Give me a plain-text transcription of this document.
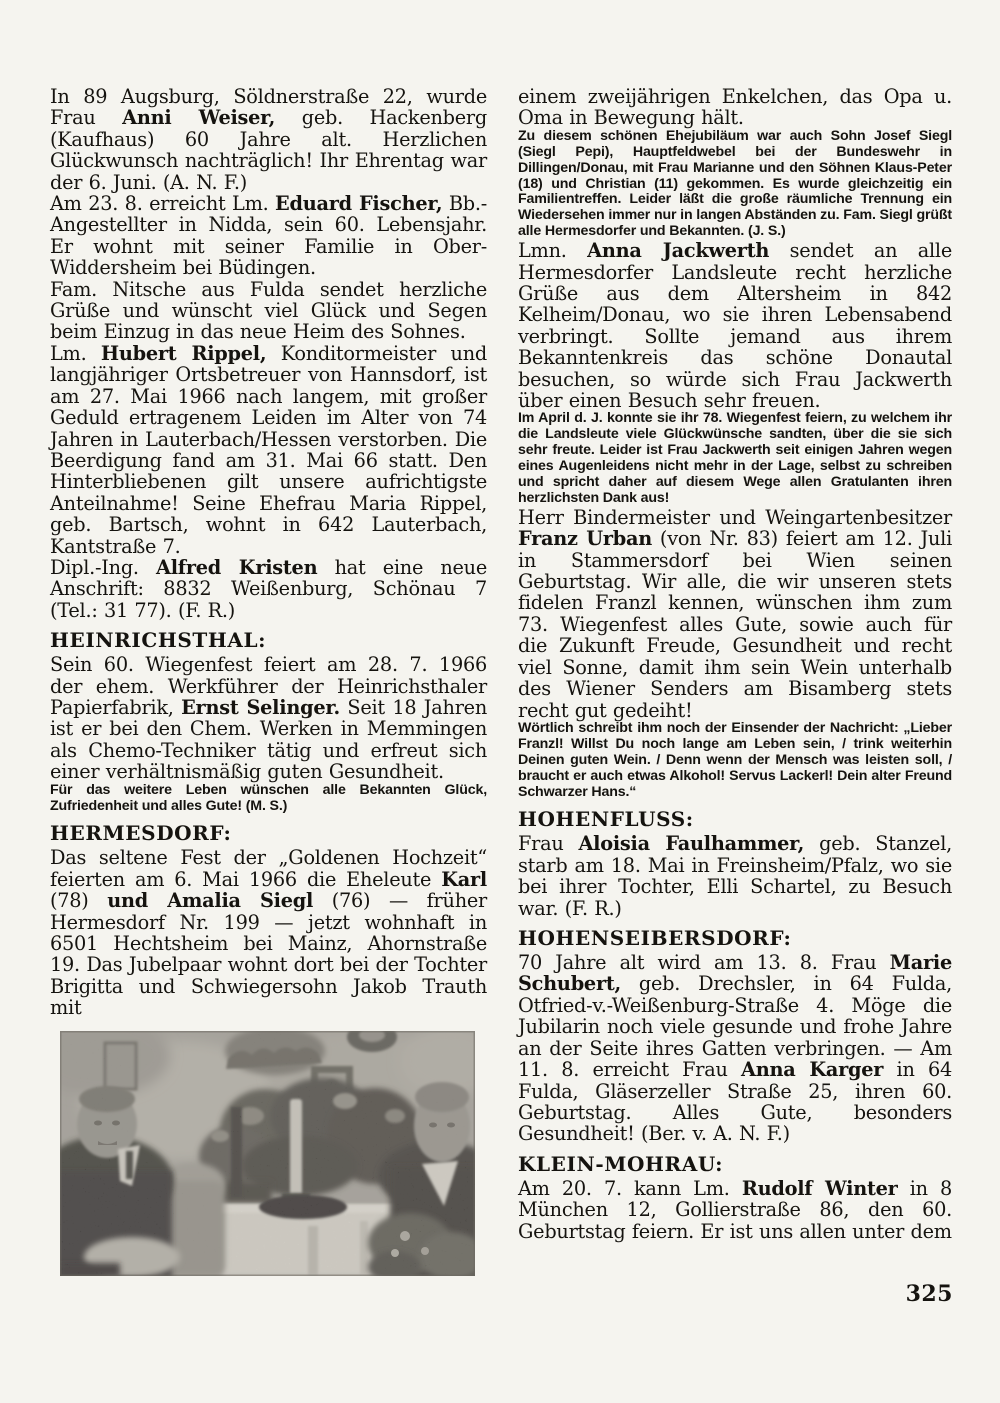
In 89 Augsburg, Söldnerstraße 22, wurde Frau Anni Weiser, geb. Hackenberg (Kaufhaus) 60 Jahre alt. Herzlichen Glückwunsch nachträglich! Ihr Ehrentag war der 6. Juni. (A. N. F.)

Am 23. 8. erreicht Lm. Eduard Fischer, Bb.-Angestellter in Nidda, sein 60. Lebensjahr. Er wohnt mit seiner Familie in Ober-Widdersheim bei Büdingen.

Fam. Nitsche aus Fulda sendet herzliche Grüße und wünscht viel Glück und Segen beim Einzug in das neue Heim des Sohnes.

Lm. Hubert Rippel, Konditormeister und langjähriger Ortsbetreuer von Hannsdorf, ist am 27. Mai 1966 nach langem, mit großer Geduld ertragenem Leiden im Alter von 74 Jahren in Lauterbach/Hessen verstorben. Die Beerdigung fand am 31. Mai 66 statt. Den Hinterbliebenen gilt unsere aufrichtigste Anteilnahme! Seine Ehefrau Maria Rippel, geb. Bartsch, wohnt in 642 Lauterbach, Kantstraße 7.

Dipl.-Ing. Alfred Kristen hat eine neue Anschrift: 8832 Weißenburg, Schönau 7 (Tel.: 31 77). (F. R.)

HEINRICHSTHAL:

Sein 60. Wiegenfest feiert am 28. 7. 1966 der ehem. Werkführer der Heinrichsthaler Papierfabrik, Ernst Selinger. Seit 18 Jahren ist er bei den Chem. Werken in Memmingen als Chemo-Techniker tätig und erfreut sich einer verhältnismäßig guten Gesundheit.

Für das weitere Leben wünschen alle Bekannten Glück, Zufriedenheit und alles Gute! (M. S.)

HERMESDORF:

Das seltene Fest der „Goldenen Hochzeit“ feierten am 6. Mai 1966 die Eheleute Karl (78) und Amalia Siegl (76) — früher Hermesdorf Nr. 199 — jetzt wohnhaft in 6501 Hechtsheim bei Mainz, Ahornstraße 19. Das Jubelpaar wohnt dort bei der Tochter Brigitta und Schwiegersohn Jakob Trauth mit

einem zweijährigen Enkelchen, das Opa u. Oma in Bewegung hält.

Zu diesem schönen Ehejubiläum war auch Sohn Josef Siegl (Siegl Pepi), Hauptfeldwebel bei der Bundeswehr in Dillingen/Donau, mit Frau Marianne und den Söhnen Klaus-Peter (18) und Christian (11) gekommen. Es wurde gleichzeitig ein Familientreffen. Leider läßt die große räumliche Trennung ein Wiedersehen immer nur in langen Abständen zu. Fam. Siegl grüßt alle Hermesdorfer und Bekannten. (J. S.)

Lmn. Anna Jackwerth sendet an alle Hermesdorfer Landsleute recht herzliche Grüße aus dem Altersheim in 842 Kelheim/Donau, wo sie ihren Lebensabend verbringt. Sollte jemand aus ihrem Bekanntenkreis das schöne Donautal besuchen, so würde sich Frau Jackwerth über einen Besuch sehr freuen.

Im April d. J. konnte sie ihr 78. Wiegenfest feiern, zu welchem ihr die Landsleute viele Glückwünsche sandten, über die sie sich sehr freute. Leider ist Frau Jackwerth seit einigen Jahren wegen eines Augenleidens nicht mehr in der Lage, selbst zu schreiben und spricht daher auf diesem Wege allen Gratulanten ihren herzlichsten Dank aus!

Herr Bindermeister und Weingartenbesitzer Franz Urban (von Nr. 83) feiert am 12. Juli in Stammersdorf bei Wien seinen Geburtstag. Wir alle, die wir unseren stets fidelen Franzl kennen, wünschen ihm zum 73. Wiegenfest alles Gute, sowie auch für die Zukunft Freude, Gesundheit und recht viel Sonne, damit ihm sein Wein unterhalb des Wiener Senders am Bisamberg stets recht gut gedeiht!

Wörtlich schreibt ihm noch der Einsender der Nachricht: „Lieber Franzl! Willst Du noch lange am Leben sein, / trink weiterhin Deinen guten Wein. / Denn wenn der Mensch was leisten soll, / braucht er auch etwas Alkohol! Servus Lackerl! Dein alter Freund Schwarzer Hans.“

HOHENFLUSS:

Frau Aloisia Faulhammer, geb. Stanzel, starb am 18. Mai in Freinsheim/Pfalz, wo sie bei ihrer Tochter, Elli Schartel, zu Besuch war. (F. R.)

HOHENSEIBERSDORF:

70 Jahre alt wird am 13. 8. Frau Marie Schubert, geb. Drechsler, in 64 Fulda, Otfried-v.-Weißenburg-Straße 4. Möge die Jubilarin noch viele gesunde und frohe Jahre an der Seite ihres Gatten verbringen. — Am 11. 8. erreicht Frau Anna Karger in 64 Fulda, Gläserzeller Straße 25, ihren 60. Geburtstag. Alles Gute, besonders Gesundheit! (Ber. v. A. N. F.)

KLEIN-MOHRAU:

Am 20. 7. kann Lm. Rudolf Winter in 8 München 12, Gollierstraße 86, den 60. Geburtstag feiern. Er ist uns allen unter dem

325
